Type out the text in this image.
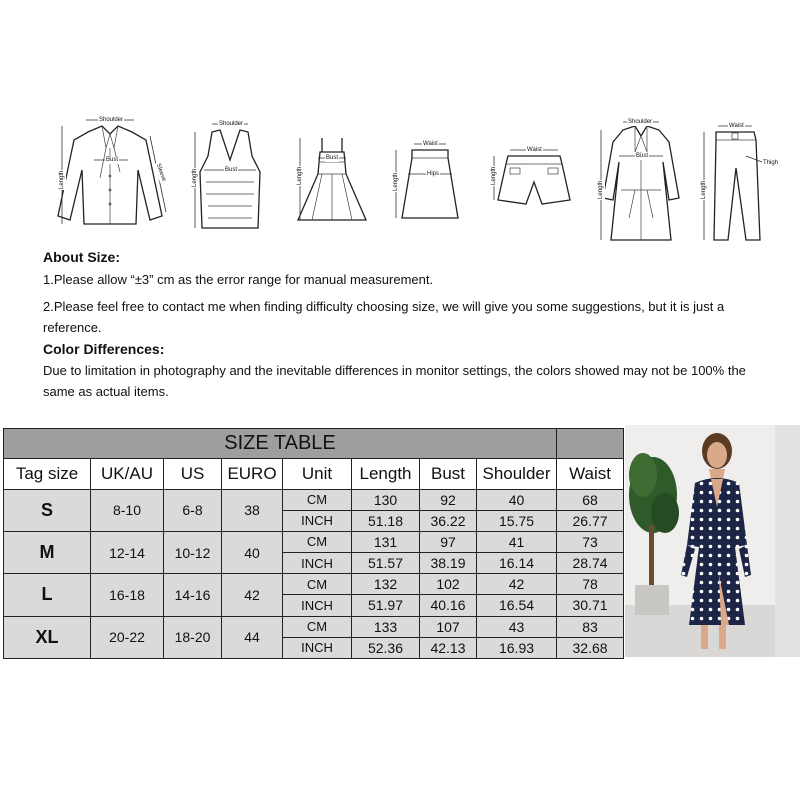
Shoulder
Length
Bust
Sleeve
Shoulder
Length	Bust	Length
Bust
Waist
Length	Hips
Waist
Length
Shoulder
Length
Bust
Waist
Length
Thigh
About Size:

1.Please allow “±3” cm as the error range for manual measurement.

2.Please feel free to contact me when finding difficulty choosing size, we will give you some suggestions, but it is just a reference.

Color Differences:

Due to limitation in photography and the inevitable differences in monitor settings, the colors showed may not be 100% the same as actual items.

SIZE TABLE								
Tag size	UK/AU	US	EURO	Unit	Length	Bust	Shoulder	Waist
S	8-10	6-8	38	CM	130	92	40	68
				INCH	51.18	36.22	15.75	26.77
M	12-14	10-12	40	CM	131	97	41	73
				INCH	51.57	38.19	16.14	28.74
L	16-18	14-16	42	CM	132	102	42	78
				INCH	51.97	40.16	16.54	30.71
XL	20-22	18-20	44	CM	133	107	43	83
				INCH	52.36	42.13	16.93	32.68
